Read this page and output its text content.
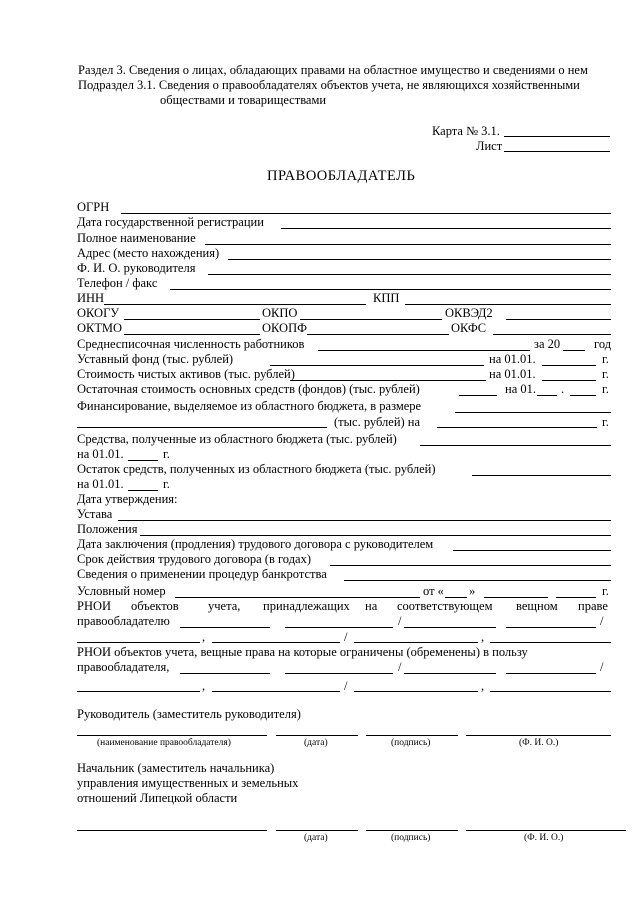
Раздел 3. Сведения о лицах, обладающих правами на областное имущество и сведениями о нем
Подраздел 3.1. Сведения о правообладателях объектов учета, не являющихся хозяйственными
обществами и товариществами
Карта № 3.1.
Лист
ПРАВООБЛАДАТЕЛЬ
ОГРН
Дата государственной регистрации
Полное наименование
Адрес (место нахождения)
Ф. И. О. руководителя
Телефон / факс
ИНН	КПП
ОКОГУ	ОКПО	ОКВЭД2
ОКТМО	ОКОПФ	ОКФС
Среднесписочная численность работников	за 20	год
Уставный фонд (тыс. рублей)	на 01.01.	г.
Стоимость чистых активов (тыс. рублей)	на 01.01.	г.
Остаточная стоимость основных средств (фондов) (тыс. рублей)	на 01. .	г.
Финансирование, выделяемое из областного бюджета, в размере
(тыс. рублей) на	г.
Средства, полученные из областного бюджета (тыс. рублей)
на 01.01.	г.
Остаток средств, полученных из областного бюджета (тыс. рублей)
на 01.01.	г.
Дата утверждения:
Устава
Положения
Дата заключения (продления) трудового договора с руководителем
Срок действия трудового договора (в годах)
Сведения о применении процедур банкротства
Условный номер	от « »	г.
РНОИ объектов учета, принадлежащих на соответствующем вещном праве
правообладателю	/	/
,	/	,
РНОИ объектов учета, вещные права на которые ограничены (обременены) в пользу
правообладателя,	/	/
,	/	,
Руководитель (заместитель руководителя)
(наименование правообладателя)	(дата)	(подпись)	(Ф. И. О.)
Начальник (заместитель начальника)
управления имущественных и земельных
отношений Липецкой области
(дата)	(подпись)	(Ф. И. О.)
